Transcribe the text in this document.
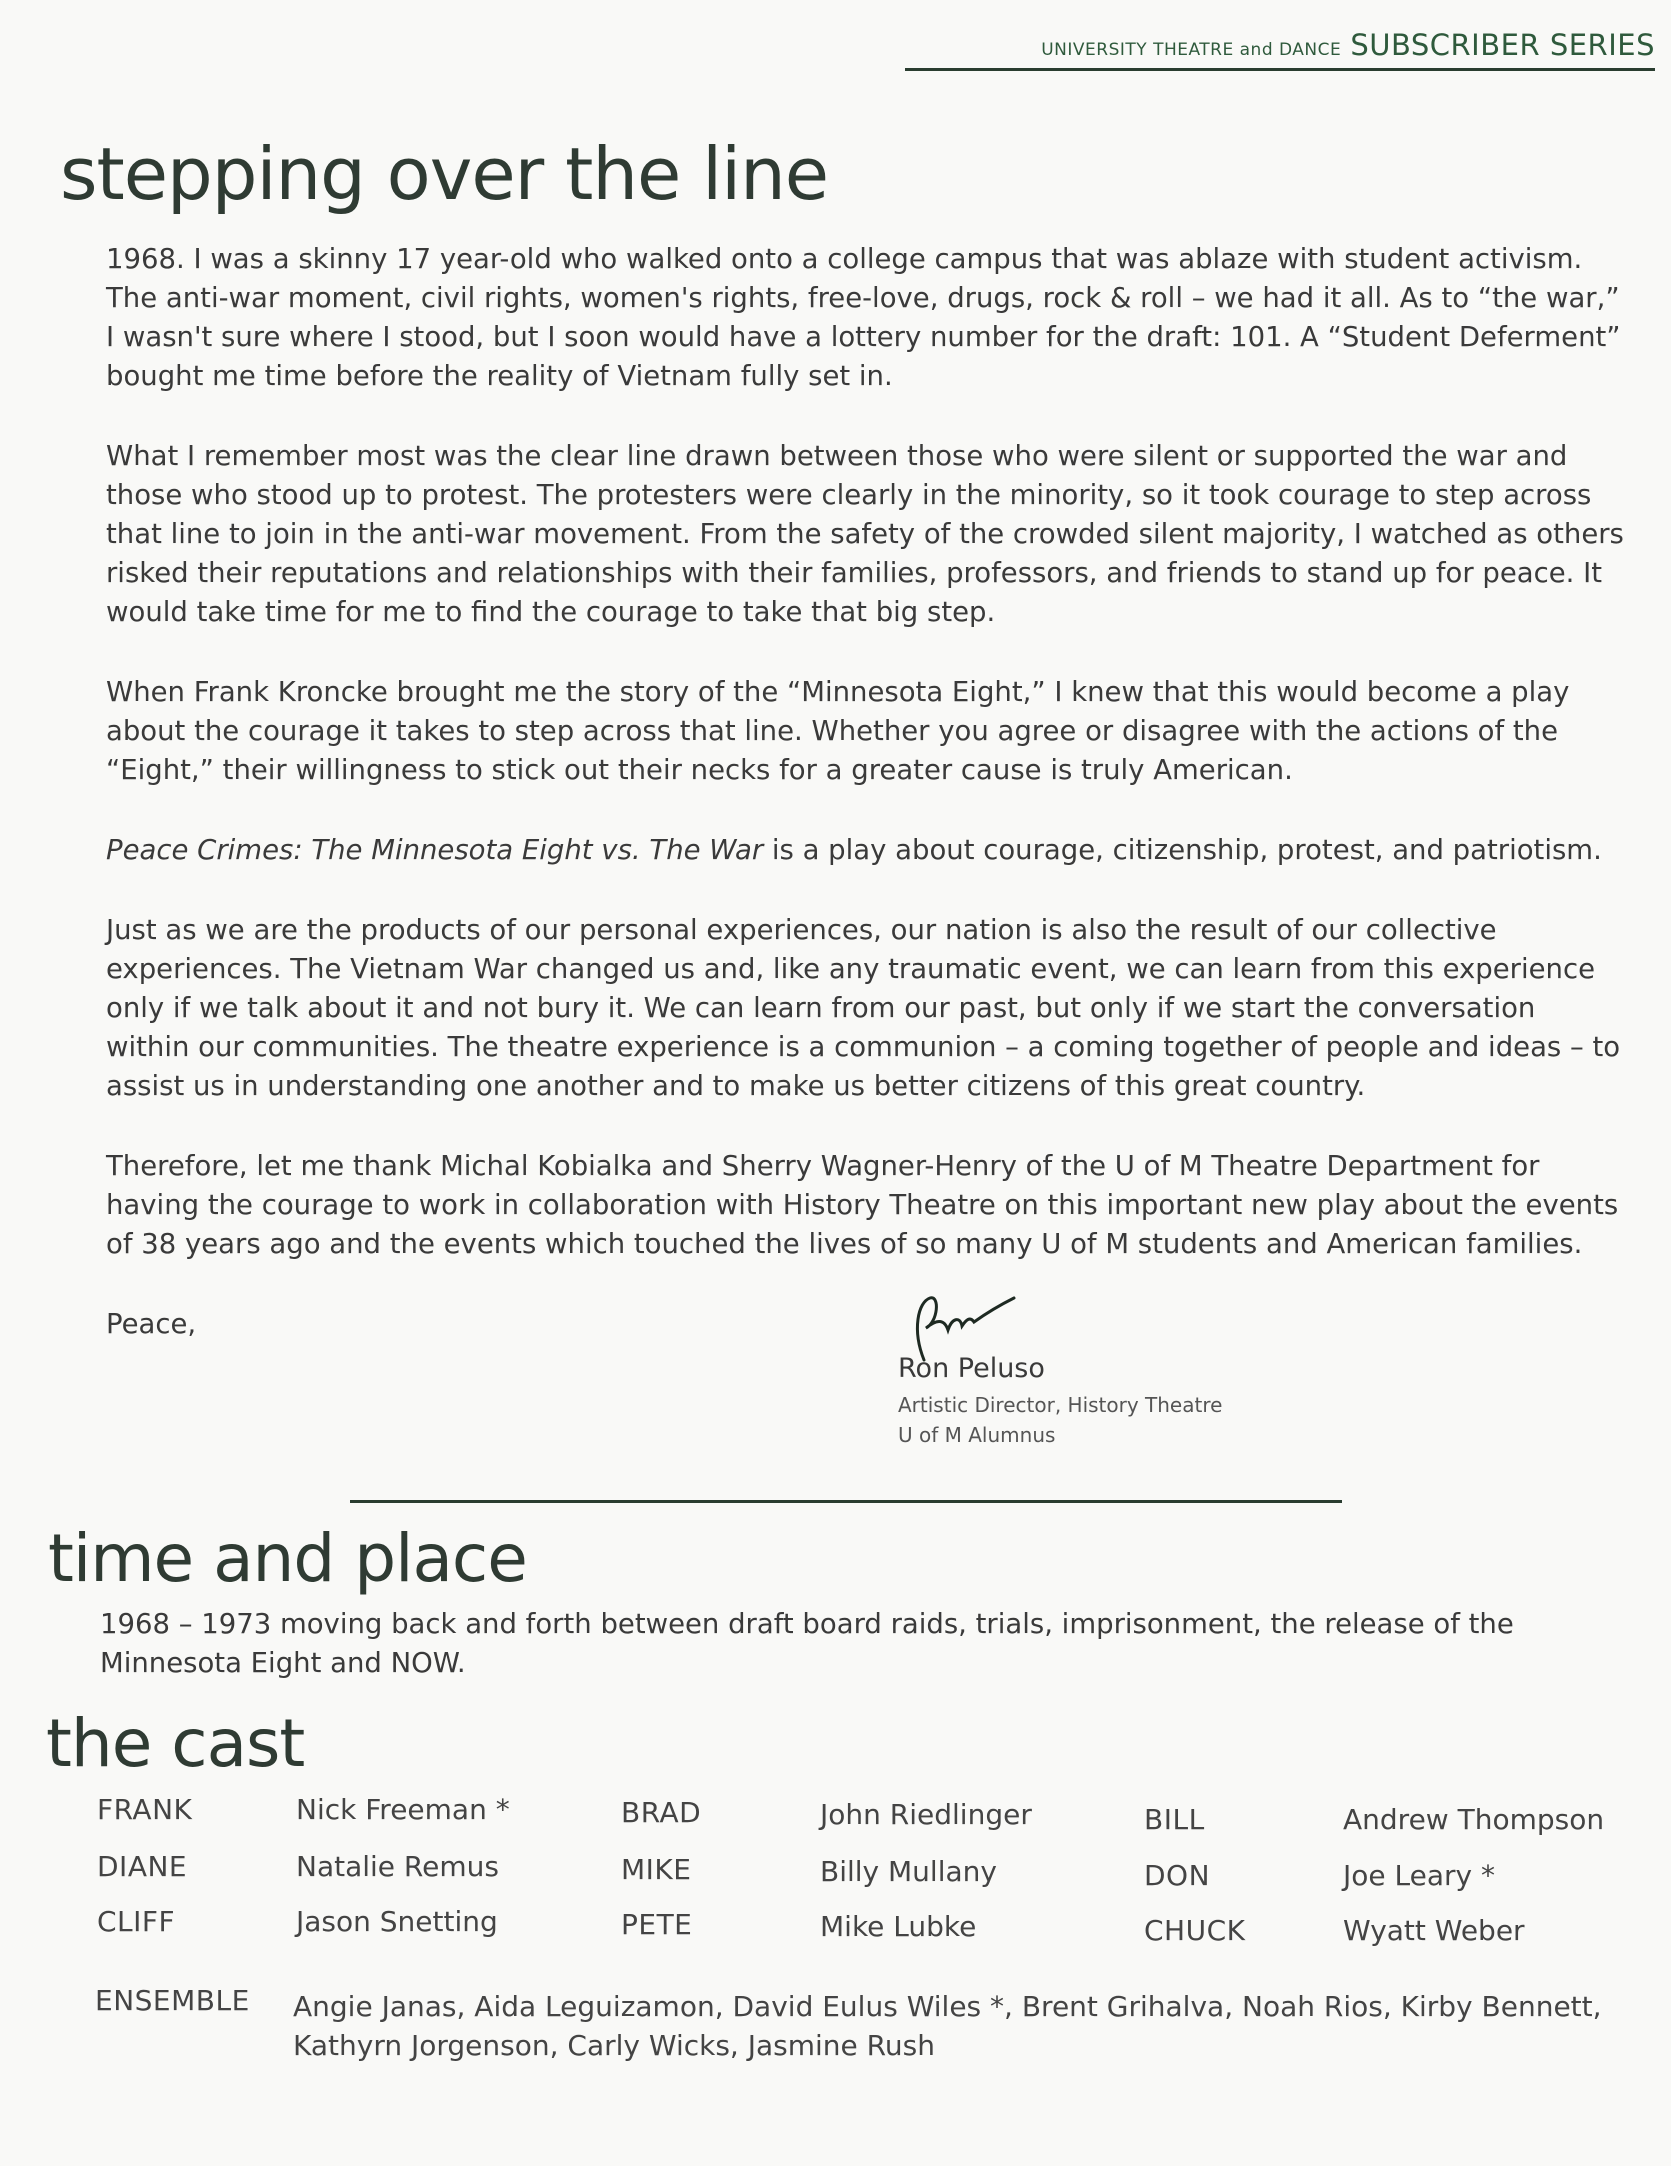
UNIVERSITY THEATRE and DANCE SUBSCRIBER SERIES
stepping over the line

1968. I was a skinny 17 year-old who walked onto a college campus that was ablaze with student activism. The anti-war moment, civil rights, women's rights, free-love, drugs, rock & roll – we had it all. As to “the war,” I wasn't sure where I stood, but I soon would have a lottery number for the draft: 101. A “Student Deferment” bought me time before the reality of Vietnam fully set in.

What I remember most was the clear line drawn between those who were silent or supported the war and those who stood up to protest. The protesters were clearly in the minority, so it took courage to step across that line to join in the anti-war movement. From the safety of the crowded silent majority, I watched as others risked their reputations and relationships with their families, professors, and friends to stand up for peace. It would take time for me to find the courage to take that big step.

When Frank Kroncke brought me the story of the “Minnesota Eight,” I knew that this would become a play about the courage it takes to step across that line. Whether you agree or disagree with the actions of the “Eight,” their willingness to stick out their necks for a greater cause is truly American.

Peace Crimes: The Minnesota Eight vs. The War is a play about courage, citizenship, protest, and patriotism.

Just as we are the products of our personal experiences, our nation is also the result of our collective experiences. The Vietnam War changed us and, like any traumatic event, we can learn from this experience only if we talk about it and not bury it. We can learn from our past, but only if we start the conversation within our communities. The theatre experience is a communion – a coming together of people and ideas – to assist us in understanding one another and to make us better citizens of this great country.

Therefore, let me thank Michal Kobialka and Sherry Wagner-Henry of the U of M Theatre Department for having the courage to work in collaboration with History Theatre on this important new play about the events of 38 years ago and the events which touched the lives of so many U of M students and American families.

Peace,

Ron Peluso
Artistic Director, History Theatre
U of M Alumnus
time and place
1968 – 1973 moving back and forth between draft board raids, trials, imprisonment, the release of the Minnesota Eight and NOW.
the cast
FRANK	Nick Freeman *	BRAD	John Riedlinger	BILL	Andrew Thompson
DIANE	Natalie Remus	MIKE	Billy Mullany	DON	Joe Leary *
CLIFF	Jason Snetting	PETE	Mike Lubke	CHUCK	Wyatt Weber
ENSEMBLE Angie Janas, Aida Leguizamon, David Eulus Wiles *, Brent Grihalva, Noah Rios, Kirby Bennett, Kathyrn Jorgenson, Carly Wicks, Jasmine Rush
